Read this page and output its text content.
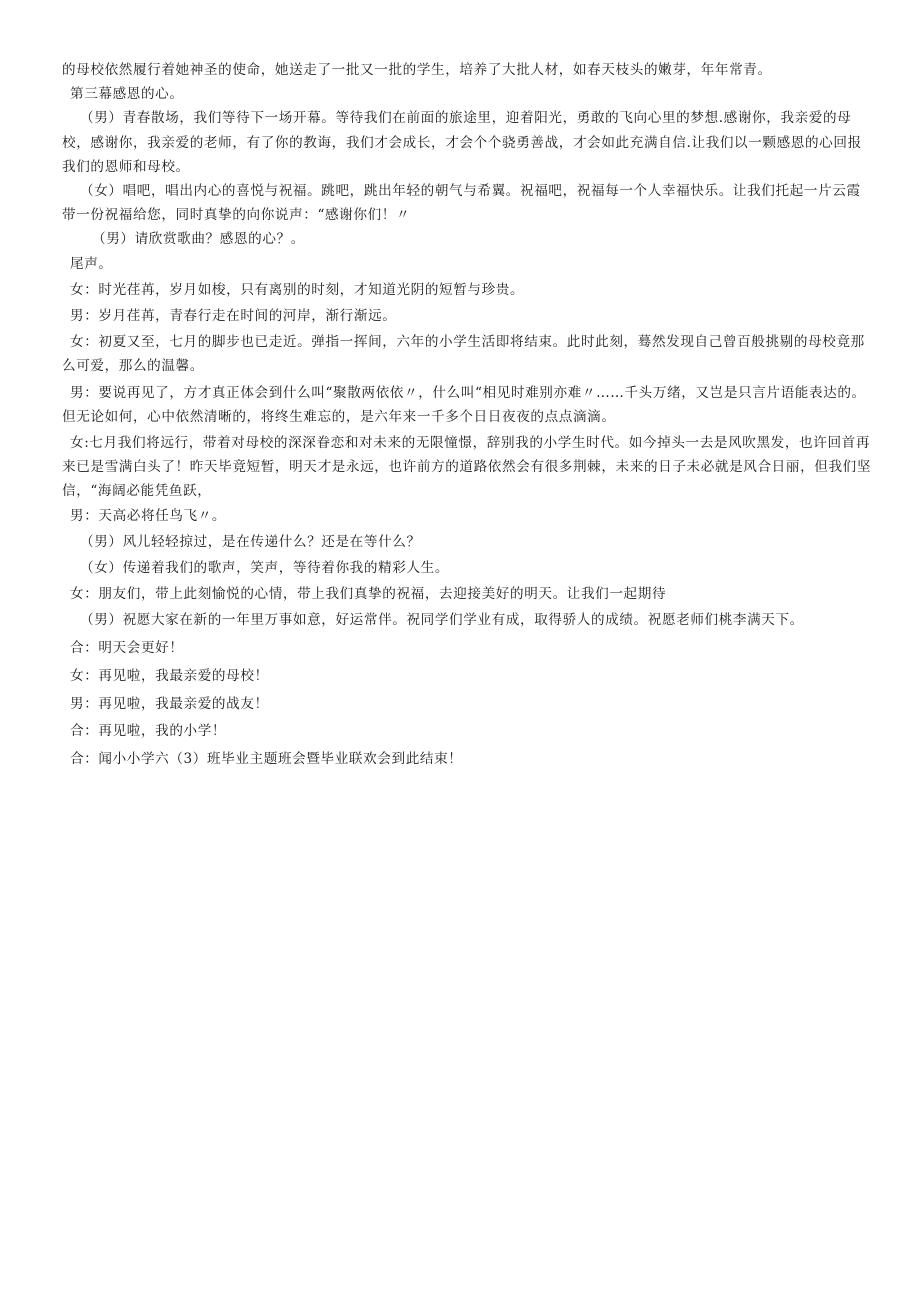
的母校依然履行着她神圣的使命，她送走了一批又一批的学生，培养了大批人材，如春天枝头的嫩芽，年年常青。

第三幕感恩的心。

（男）青春散场，我们等待下一场开幕。等待我们在前面的旅途里，迎着阳光，勇敢的飞向心里的梦想.感谢你，我亲爱的母校，感谢你，我亲爱的老师，有了你的教诲，我们才会成长，才会个个骁勇善战，才会如此充满自信.让我们以一颗感恩的心回报我们的恩师和母校。

（女）唱吧，唱出内心的喜悦与祝福。跳吧，跳出年轻的朝气与希翼。祝福吧，祝福每一个人幸福快乐。让我们托起一片云霞带一份祝福给您，同时真挚的向你说声：“感谢你们！〃

（男）请欣赏歌曲？感恩的心？。

尾声。

女：时光荏苒，岁月如梭，只有离别的时刻，才知道光阴的短暂与珍贵。

男：岁月荏苒，青春行走在时间的河岸，渐行渐远。

女：初夏又至，七月的脚步也已走近。弹指一挥间，六年的小学生活即将结束。此时此刻，蓦然发现自己曾百般挑剔的母校竟那么可爱，那么的温馨。

男：要说再见了，方才真正体会到什么叫“聚散两依依〃，什么叫“相见时难别亦难〃……千头万绪，又岂是只言片语能表达的。但无论如何，心中依然清晰的，将终生难忘的，是六年来一千多个日日夜夜的点点滴滴。

女:七月我们将远行，带着对母校的深深眷恋和对未来的无限憧憬，辞别我的小学生时代。如今掉头一去是风吹黑发，也许回首再来已是雪满白头了！昨天毕竟短暂，明天才是永远，也许前方的道路依然会有很多荆棘，未来的日子未必就是风合日丽，但我们坚信，“海阔必能凭鱼跃，

男：天高必将任鸟飞〃。

（男）风儿轻轻掠过，是在传递什么？还是在等什么？

（女）传递着我们的歌声，笑声，等待着你我的精彩人生。

女：朋友们，带上此刻愉悦的心情，带上我们真挚的祝福，去迎接美好的明天。让我们一起期待

（男）祝愿大家在新的一年里万事如意，好运常伴。祝同学们学业有成，取得骄人的成绩。祝愿老师们桃李满天下。

合：明天会更好！

女：再见啦，我最亲爱的母校！

男：再见啦，我最亲爱的战友！

合：再见啦，我的小学！

合：闻小小学六（3）班毕业主题班会暨毕业联欢会到此结束！
